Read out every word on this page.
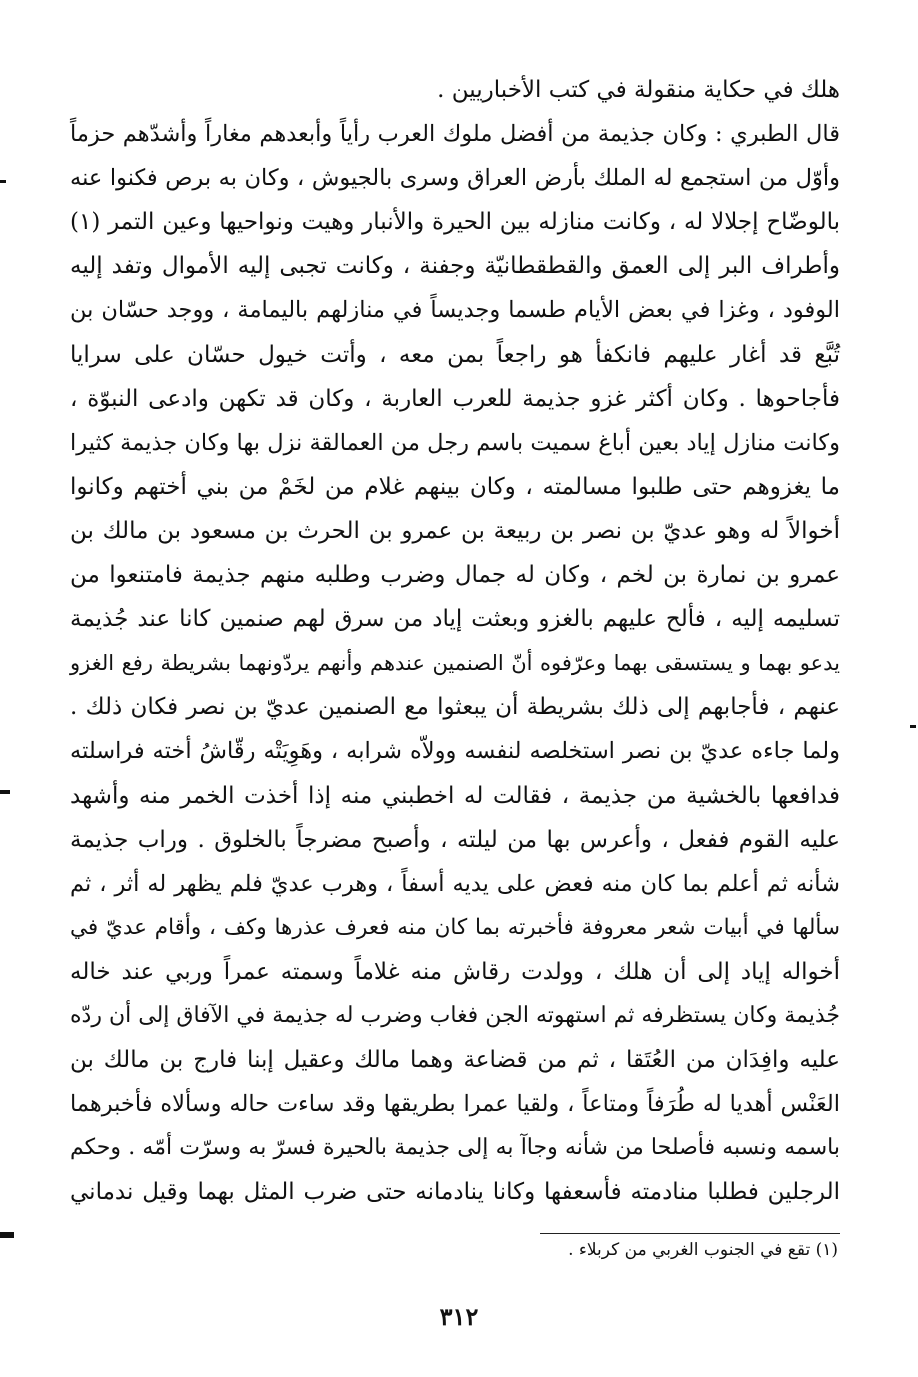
هلك في حكاية منقولة في كتب الأخباريين .
قال الطبري : وكان جذيمة من أفضل ملوك العرب رأياً وأبعدهم مغاراً وأشدّهم حزماً
وأوّل من استجمع له الملك بأرض العراق وسرى بالجيوش ، وكان به برص فكنوا عنه
بالوضّاح إجلالا له ، وكانت منازله بين الحيرة والأنبار وهيت ونواحيها وعين التمر (١)
وأطراف البر إلى العمق والقطقطانيّة وجفنة ، وكانت تجبى إليه الأموال وتفد إليه
الوفود ، وغزا في بعض الأيام طسما وجديساً في منازلهم باليمامة ، ووجد حسّان بن
تُبَّع قد أغار عليهم فانكفأ هو راجعاً بمن معه ، وأتت خيول حسّان على سرايا
فأجاحوها . وكان أكثر غزو جذيمة للعرب العاربة ، وكان قد تكهن وادعى النبوّة ،
وكانت منازل إياد بعين أباغ سميت باسم رجل من العمالقة نزل بها وكان جذيمة كثيرا
ما يغزوهم حتى طلبوا مسالمته ، وكان بينهم غلام من لخَمْ من بني أختهم وكانوا
أخوالاً له وهو عديّ بن نصر بن ربيعة بن عمرو بن الحرث بن مسعود بن مالك بن
عمرو بن نمارة بن لخم ، وكان له جمال وضرب وطلبه منهم جذيمة فامتنعوا من
تسليمه إليه ، فألح عليهم بالغزو وبعثت إياد من سرق لهم صنمين كانا عند جُذيمة
يدعو بهما و يستسقى بهما وعرّفوه أنّ الصنمين عندهم وأنهم يردّونهما بشريطة رفع الغزو
عنهم ، فأجابهم إلى ذلك بشريطة أن يبعثوا مع الصنمين عديّ بن نصر فكان ذلك .
ولما جاءه عديّ بن نصر استخلصه لنفسه وولاّه شرابه ، وهَوِيَتْه رقّاشُ أخته فراسلته
فدافعها بالخشية من جذيمة ، فقالت له اخطبني منه إذا أخذت الخمر منه وأشهد
عليه القوم ففعل ، وأعرس بها من ليلته ، وأصبح مضرجاً بالخلوق . وراب جذيمة
شأنه ثم أعلم بما كان منه فعض على يديه أسفاً ، وهرب عديّ فلم يظهر له أثر ، ثم
سألها في أبيات شعر معروفة فأخبرته بما كان منه فعرف عذرها وكف ، وأقام عديّ في
أخواله إياد إلى أن هلك ، وولدت رقاش منه غلاماً وسمته عمراً وربي عند خاله
جُذيمة وكان يستظرفه ثم استهوته الجن فغاب وضرب له جذيمة في الآفاق إلى أن ردّه
عليه وافِدَان من العُتَقا ، ثم من قضاعة وهما مالك وعقيل إبنا فارج بن مالك بن
العَنْس أهديا له طُرَفاً ومتاعاً ، ولقيا عمرا بطريقها وقد ساءت حاله وسألاه فأخبرهما
باسمه ونسبه فأصلحا من شأنه وجاآ به إلى جذيمة بالحيرة فسرّ به وسرّت أمّه . وحكم
الرجلين فطلبا منادمته فأسعفها وكانا ينادمانه حتى ضرب المثل بهما وقيل ندماني
(١) تقع في الجنوب الغربي من كربلاء .
٣١٢
